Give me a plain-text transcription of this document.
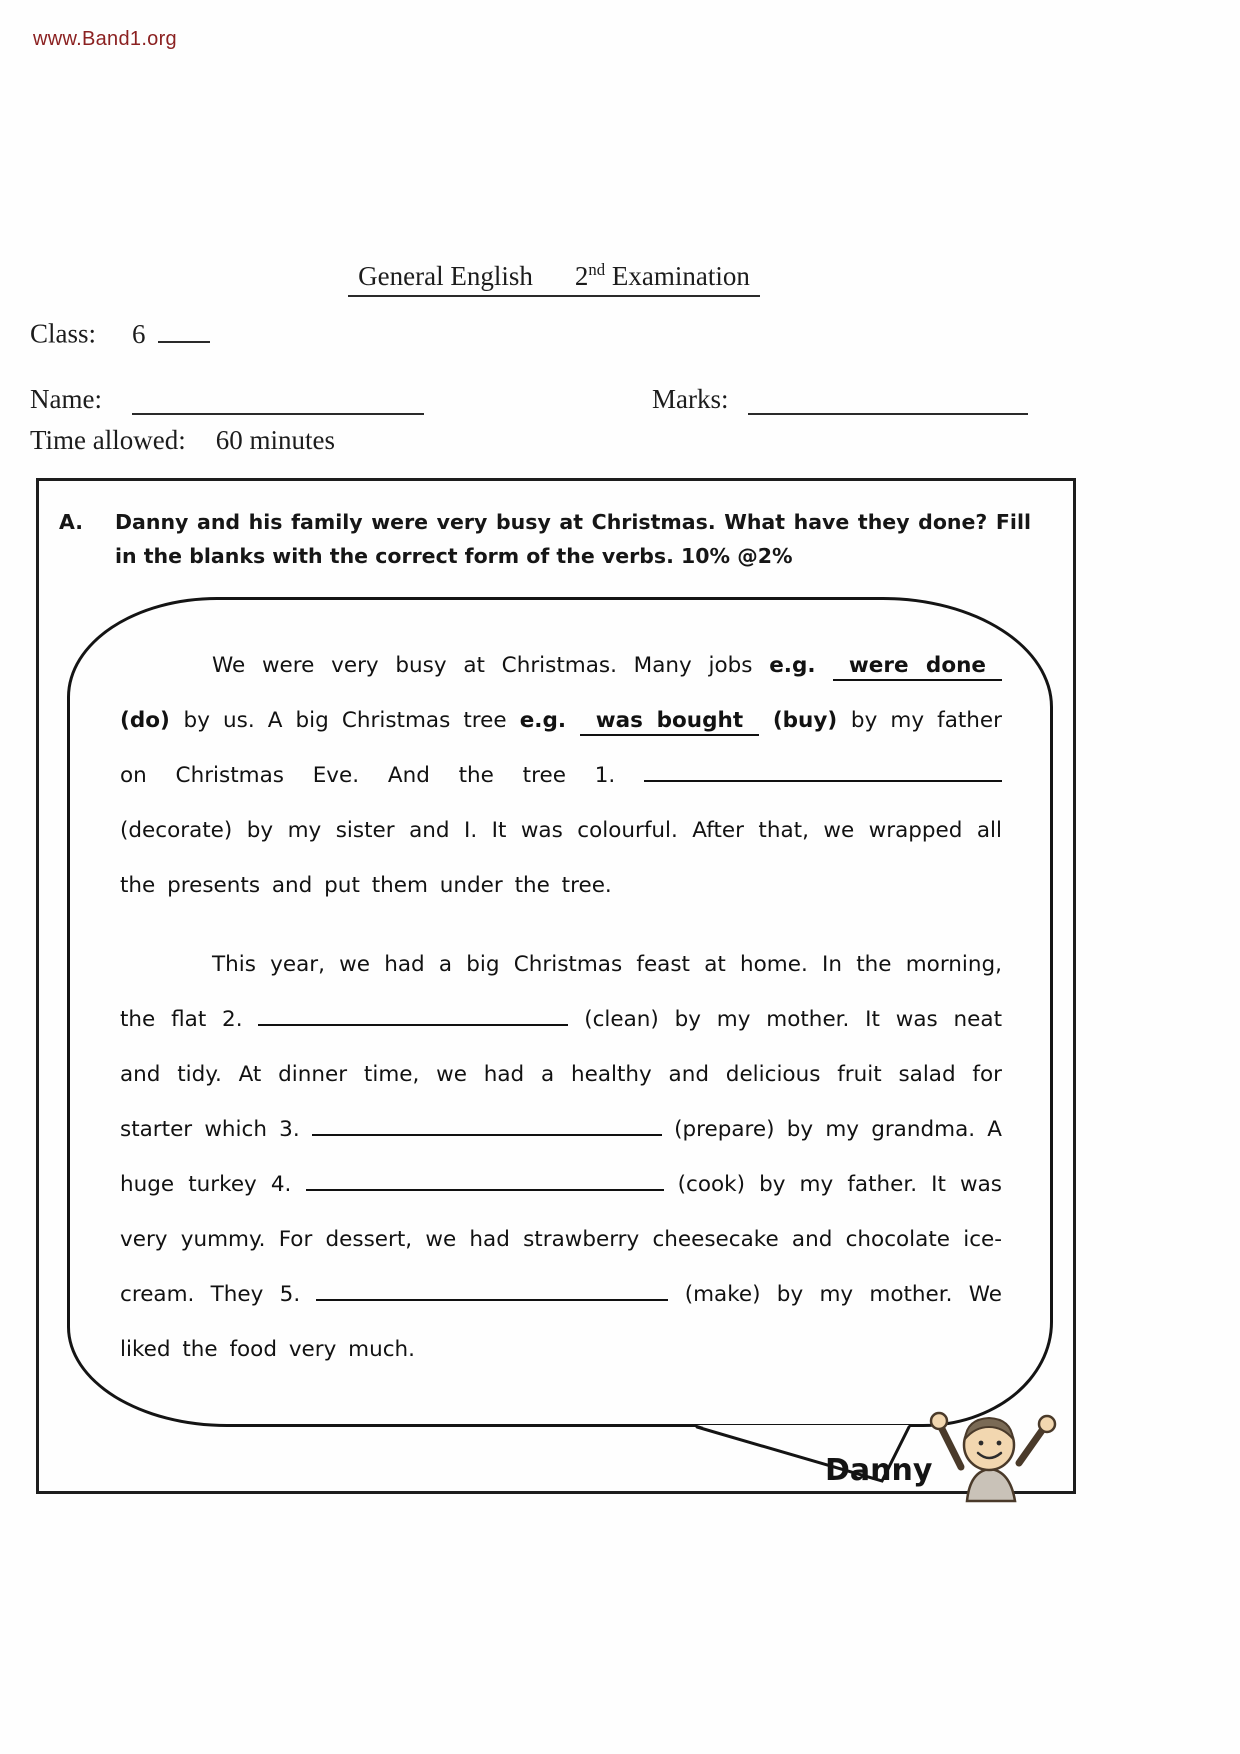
www.Band1.org
General English 2nd Examination
Class: 6
Name:	Marks:
Time allowed: 60 minutes
A.	Danny and his family were very busy at Christmas. What have they done? Fill in the blanks with the correct form of the verbs. 10% @2%

We were very busy at Christmas. Many jobs e.g. were done (do) by us. A big Christmas tree e.g. was bought (buy) by my father on Christmas Eve. And the tree 1.  (decorate) by my sister and I. It was colourful. After that, we wrapped all the presents and put them under the tree.

This year, we had a big Christmas feast at home. In the morning, the flat 2.	(clean) by my mother. It was neat and tidy. At dinner time, we had a healthy and delicious fruit salad for starter which 3.	(prepare) by my grandma. A huge turkey 4.	(cook) by my father. It was very yummy. For dessert, we had strawberry cheesecake and chocolate ice-cream. They 5.	(make) by my mother. We liked the food very much.

Danny
